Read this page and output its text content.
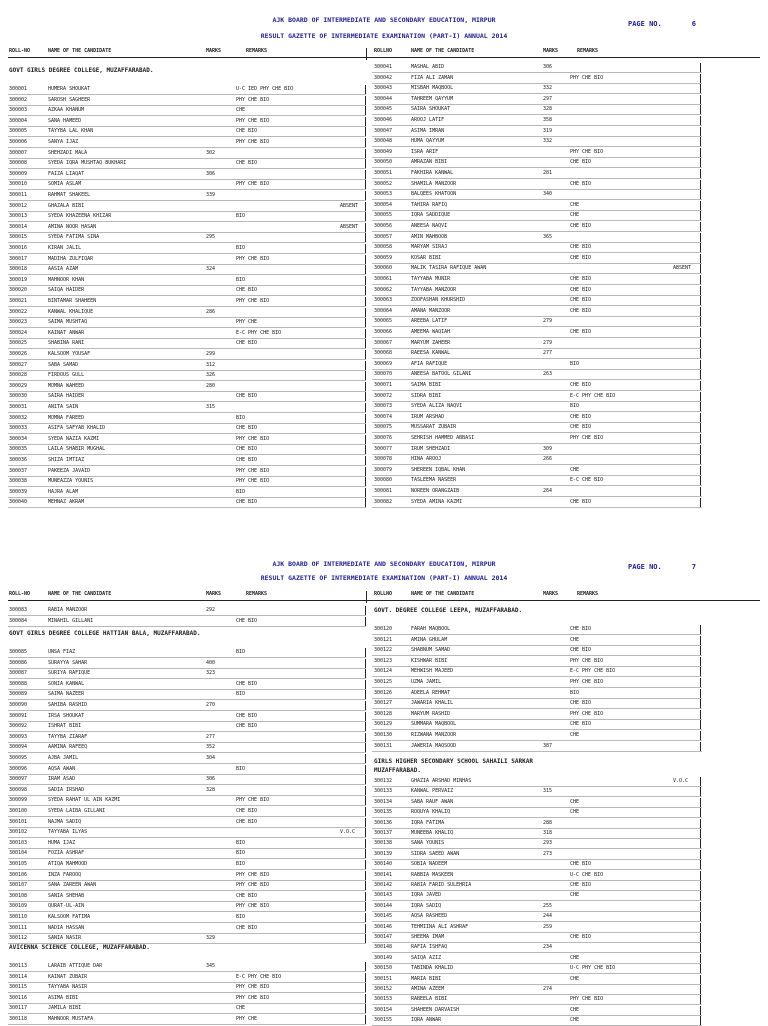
AJK BOARD OF INTERMEDIATE AND SECONDARY EDUCATION, MIRPUR
RESULT GAZETTE OF INTERMEDIATE EXAMINATION (PART-I) ANNUAL 2014
PAGE NO.	6
ROLL-NO	NAME OF THE CANDIDATE	MARKS	REMARKS	ROLLNO	NAME OF THE CANDIDATE	MARKS	REMARKS
GOVT GIRLS DEGREE COLLEGE, MUZAFFARABAD.
300001	HUMERA SHOUKAT	U-C IED PHY CHE BIO
300002	SAROSH SAGHEER	PHY CHE BIO
300003	AZKAA KHANUM	CHE
300004	SANA HAMEED	PHY CHE BIO
300005	TAYYBA LAL KHAN	CHE BIO
300006	SANYA IJAZ	PHY CHE BIO
300007	SHEHZADI MALA	302
300008	SYEDA IQRA MUSHTAQ BUKHARI	CHE BIO
300009	FAIZA LIAQAT	306
300010	SOMIA ASLAM	PHY CHE BIO
300011	RAHMAT SHAKEEL	339
300012	GHAZALA BIBI	ABSENT
300013	SYEDA KHAZEENA KHIZAR	BIO
300014	AMINA NOOR HASAN	ABSENT
300015	SYEDA FATIMA SINA	295
300016	KIRAN JALIL	BIO
300017	MADIHA ZULFIQAR	PHY CHE BIO
300018	AASIA AZAM	324
300019	MAHNOOR KHAN	BIO
300020	SAIQA HAIDER	CHE BIO
300021	BINTAMAR SHAHEEN	PHY CHE BIO
300022	KANWAL KHALIQUE	286
300023	SAIMA MUSHTAQ	PHY CHE
300024	KAINAT ANWAR	E-C PHY CHE BIO
300025	SHABINA RANI	CHE BIO
300026	KALSOOM YOUSAF	299
300027	SABA SAMAD	312
300028	FIRDOUS GULL	326
300029	MOMNA WAHEED	280
300030	SAIRA HAIDER	CHE BIO
300031	ANITA SAIN	315
300032	MOMNA FAREED	BIO
300033	ASIFA SAFYAB KHALID	CHE BIO
300034	SYEDA NAZIA KAZMI	PHY CHE BIO
300035	LAILA SHABIR MUGHAL	CHE BIO
300036	SHIZA IMTIAZ	CHE BIO
300037	PAKEEZA JAVAID	PHY CHE BIO
300038	MUNEAZZA YOUNIS	PHY CHE BIO
300039	HAJRA ALAM	BIO
300040	MEHNAZ AKRAM	CHE BIO
300041	MASHAL ABID	306
300042	FIZA ALI ZAMAN	PHY CHE BIO
300043	MISBAH MAQBOOL	332
300044	TAHREEM QAYYUM	297
300045	SAIRA SHOUKAT	328
300046	AROOJ LATIF	358
300047	ASIMA IMRAN	319
300048	HUMA QAYYUM	332
300049	ISRA ARIF	PHY CHE BIO
300050	AMRAZAN BIBI	CHE BIO
300051	FAKHIRA KANWAL	281
300052	SHAMILA MANZOOR	CHE BIO
300053	BALQEES KHATOON	340
300054	TAHIRA RAFIQ	CHE
300055	IQRA SADDIQUE	CHE
300056	ANEESA NAQVI	CHE BIO
300057	AMIN MAHBOOB	365
300058	MARYAM SIRAJ	CHE BIO
300059	KOSAR BIBI	CHE BIO
300060	MALIK TASIRA RAFIQUE AWAN	ABSENT
300061	TAYYABA MUNIR	CHE BIO
300062	TAYYABA MANZOOR	CHE BIO
300063	ZOOFASHAN KHURSHID	CHE BIO
300064	AMANA MANZOOR	CHE BIO
300065	AREEBA LATIF	279
300066	AMEEMA WAQIAH	CHE BIO
300067	MARYUM ZAHEER	279
300068	RAEESA KANWAL	277
300069	AFIA RAFIQUE	BIO
300070	ANEESA BATOOL GILANI	263
300071	SAIMA BIBI	CHE BIO
300072	SIDRA BIBI	E-C PHY CHE BIO
300073	SYEDA ALIZA NAQVI	BIO
300074	IRUM ARSHAD	CHE BIO
300075	MUSSARAT ZUBAIR	CHE BIO
300076	SEHRISH HAMMED ABBASI	PHY CHE BIO
300077	IRUM SHEHZADI	309
300078	HINA AROOJ	266
300079	SHEREEN IQBAL KHAN	CHE
300080	TASLEEMA NASEER	E-C CHE BIO
300081	NOREEN ORANGZAIB	264
300082	SYEDA AMINA KAZMI	CHE BIO
AJK BOARD OF INTERMEDIATE AND SECONDARY EDUCATION, MIRPUR
RESULT GAZETTE OF INTERMEDIATE EXAMINATION (PART-I) ANNUAL 2014
PAGE NO.	7
ROLL-NO	NAME OF THE CANDIDATE	MARKS	REMARKS	ROLLNO	NAME OF THE CANDIDATE	MARKS	REMARKS
300083	RABIA MANZOOR	292
300084	MINAHIL GILLANI	CHE BIO
GOVT GIRLS DEGREE COLLEGE HATTIAN BALA, MUZAFFARABAD.
300085	UNSA FIAZ	BIO
300086	SURAYYA SAHAR	400
300087	SURIYA RAFIQUE	323
300088	SONIA KANWAL	CHE BIO
300089	SAIMA NAZEER	BIO
300090	SAHIBA RASHID	270
300091	IRSA SHOUKAT	CHE BIO
300092	ISHRAT BIBI	CHE BIO
300093	TAYYBA ZIARAF	277
300094	AAMINA RAFEEQ	352
300095	AJBA JAMIL	304
300096	AQSA AWAN	BIO
300097	IRAM ASAD	306
300098	SADIA IRSHAD	328
300099	SYEDA RAHAT UL AIN KAZMI	PHY CHE BIO
300100	SYEDA LAIBA GILLANI	CHE BIO
300101	NAJMA SADIQ	CHE BIO
300102	TAYYABA ILYAS	V.O.C
300103	HUMA IJAZ	BIO
300104	FOZIA ASHRAF	BIO
300105	ATIQA MAHMOOD	BIO
300106	INZA FAROOQ	PHY CHE BIO
300107	SANA ZAREEN AWAN	PHY CHE BIO
300108	SANIA SHEHAB	CHE BIO
300109	QURAT-UL-AIN	PHY CHE BIO
300110	KALSOOM FATIMA	BIO
300111	NADIA HASSAN	CHE BIO
300112	SANIA NASIR	329
AVICENNA SCIENCE COLLEGE, MUZAFFARABAD.
300113	LARAIB ATTIQUE DAR	345
300114	KAINAT ZUBAIR	E-C PHY CHE BIO
300115	TAYYABA NASIR	PHY CHE BIO
300116	ASIMA BIBI	PHY CHE BIO
300117	JAMILA BIBI	CHE
300118	MAHNOOR MUSTAFA	PHY CHE
GOVT. DEGREE COLLEGE LEEPA, MUZAFFARABAD.
300120	FARAH MAQBOOL	CHE BIO
300121	AMINA GHULAM	CHE
300122	SHABNUM SAMAD	CHE BIO
300123	KISHWAR BIBI	PHY CHE BIO
300124	MEHWISH MAJEED	E-C PHY CHE BIO
300125	UZMA JAMIL	PHY CHE BIO
300126	ADEELA REHMAT	BIO
300127	JAWARIA KHALIL	CHE BIO
300128	MARYUM RASHID	PHY CHE BIO
300129	SUMMARA MAQBOOL	CHE BIO
300130	RIZWANA MANZOOR	CHE
300131	JAWERIA MAQSOOD	387
GIRLS HIGHER SECONDARY SCHOOL SAHAILI SARKAR
MUZAFFARABAD.
300132	GHAZIA ARSHAD MINHAS	V.O.C
300133	KANWAL PERVAIZ	315
300134	SABA RAUF AWAN	CHE
300135	ROQUYA KHALIQ	CHE
300136	IQRA FATIMA	288
300137	MUNEEBA KHALIQ	318
300138	SANA YOUNIS	293
300139	SIDRA SAEED AWAN	273
300140	SOBIA NADEEM	CHE BIO
300141	RABBIA MASKEEN	U-C CHE BIO
300142	RABIA FARID SULEHRIA	CHE BIO
300143	IQRA JAVED	CHE
300144	IQRA SADIQ	255
300145	AQSA RASHEED	244
300146	TEHMIINA ALI ASHRAF	259
300147	SHEEMA IMAM	CHE BIO
300148	RAFIA ISHFAQ	234
300149	SAIQA AZIZ	CHE
300150	TABINDA KHALID	U-C PHY CHE BIO
300151	MARIA BIBI	CHE
300152	AMINA AZEEM	274
300153	RABEELA BIBI	PHY CHE BIO
300154	SHAHEEN DARVAISH	CHE
300155	IQRA ANWAR	CHE
